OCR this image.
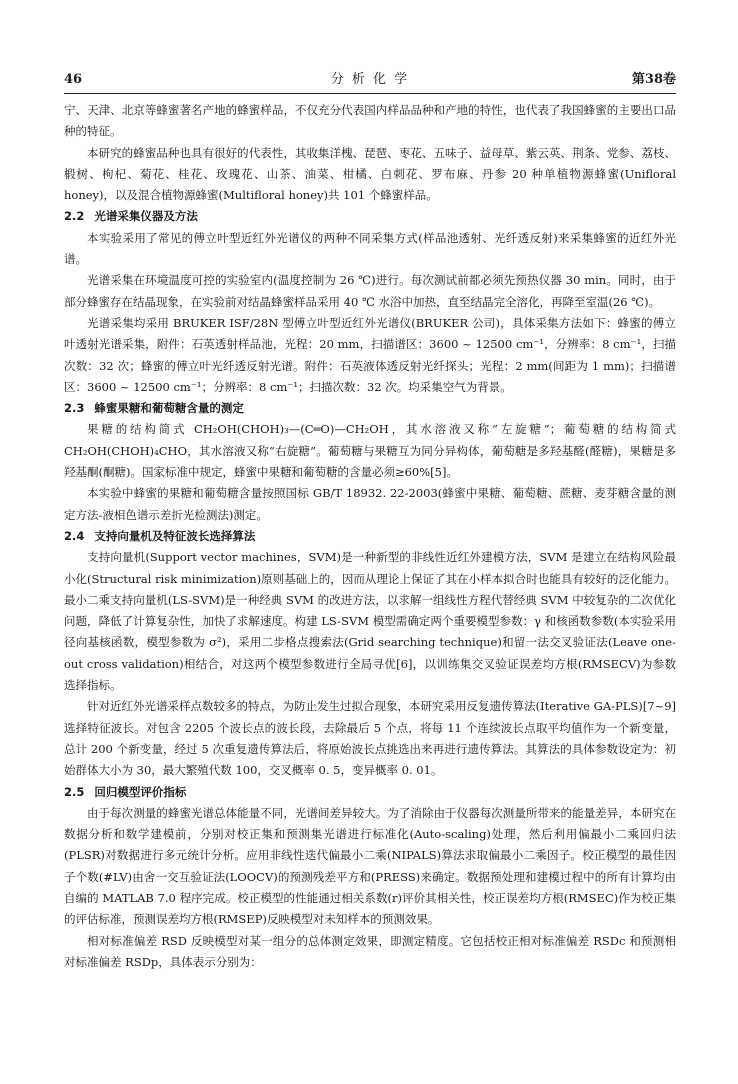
46	分 析 化 学	第38卷

宁、天津、北京等蜂蜜著名产地的蜂蜜样品，不仅充分代表国内样品品种和产地的特性，也代表了我国蜂蜜的主要出口品种的特征。

本研究的蜂蜜品种也具有很好的代表性，其收集洋槐、琵琶、枣花、五味子、益母草、紫云英、荆条、党参、荔枝、椴树、枸杞、菊花、桂花、玫瑰花、山茶、油菜、柑橘、白刺花、罗布麻、丹参 20 种单植物源蜂蜜(Unifloral honey)，以及混合植物源蜂蜜(Multifloral honey)共 101 个蜂蜜样品。

2.2 光谱采集仪器及方法

本实验采用了常见的傅立叶型近红外光谱仪的两种不同采集方式(样品池透射、光纤透反射)来采集蜂蜜的近红外光谱。

光谱采集在环境温度可控的实验室内(温度控制为 26 ℃)进行。每次测试前都必须先预热仪器 30 min。同时，由于部分蜂蜜存在结晶现象，在实验前对结晶蜂蜜样品采用 40 ℃ 水浴中加热，直至结晶完全溶化，再降至室温(26 ℃)。

光谱采集均采用 BRUKER ISF/28N 型傅立叶型近红外光谱仪(BRUKER 公司)，具体采集方法如下：蜂蜜的傅立叶透射光谱采集，附件：石英透射样品池，光程：20 mm，扫描谱区：3600 ~ 12500 cm⁻¹，分辨率：8 cm⁻¹，扫描次数：32 次；蜂蜜的傅立叶光纤透反射光谱。附件：石英液体透反射光纤探头；光程：2 mm(间距为 1 mm)；扫描谱区：3600 ~ 12500 cm⁻¹；分辨率：8 cm⁻¹；扫描次数：32 次。均采集空气为背景。

2.3 蜂蜜果糖和葡萄糖含量的测定

果糖的结构简式 CH₂OH(CHOH)₃—(C═O)—CH₂OH，其水溶液又称“左旋糖”；葡萄糖的结构简式 CH₂OH(CHOH)₄CHO，其水溶液又称“右旋糖”。葡萄糖与果糖互为同分异构体，葡萄糖是多羟基醛(醛糖)，果糖是多羟基酮(酮糖)。国家标准中规定，蜂蜜中果糖和葡萄糖的含量必须≥60%[5]。

本实验中蜂蜜的果糖和葡萄糖含量按照国标 GB/T 18932. 22-2003(蜂蜜中果糖、葡萄糖、蔗糖、麦芽糖含量的测定方法-液相色谱示差折光检测法)测定。

2.4 支持向量机及特征波长选择算法

支持向量机(Support vector machines，SVM)是一种新型的非线性近红外建模方法，SVM 是建立在结构风险最小化(Structural risk minimization)原则基础上的，因而从理论上保证了其在小样本拟合时也能具有较好的泛化能力。最小二乘支持向量机(LS-SVM)是一种经典 SVM 的改进方法，以求解一组线性方程代替经典 SVM 中较复杂的二次优化问题，降低了计算复杂性，加快了求解速度。构建 LS-SVM 模型需确定两个重要模型参数：γ 和核函数参数(本实验采用径向基核函数，模型参数为 σ²)，采用二步格点搜索法(Grid searching technique)和留一法交叉验证法(Leave one-out cross validation)相结合，对这两个模型参数进行全局寻优[6]，以训练集交叉验证误差均方根(RMSECV)为参数选择指标。

针对近红外光谱采样点数较多的特点，为防止发生过拟合现象，本研究采用反复遗传算法(Iterative GA-PLS)[7~9]选择特征波长。对包含 2205 个波长点的波长段，去除最后 5 个点，将每 11 个连续波长点取平均值作为一个新变量，总计 200 个新变量，经过 5 次重复遗传算法后，将原始波长点挑选出来再进行遗传算法。其算法的具体参数设定为：初始群体大小为 30，最大繁殖代数 100，交叉概率 0. 5，变异概率 0. 01。

2.5 回归模型评价指标

由于每次测量的蜂蜜光谱总体能量不同，光谱间差异较大。为了消除由于仪器每次测量所带来的能量差异，本研究在数据分析和数学建模前，分别对校正集和预测集光谱进行标准化(Auto-scaling)处理，然后利用偏最小二乘回归法(PLSR)对数据进行多元统计分析。应用非线性迭代偏最小二乘(NIPALS)算法求取偏最小二乘因子。校正模型的最佳因子个数(#LV)由舍一交互验证法(LOOCV)的预测残差平方和(PRESS)来确定。数据预处理和建模过程中的所有计算均由自编的 MATLAB 7.0 程序完成。校正模型的性能通过相关系数(r)评价其相关性，校正误差均方根(RMSEC)作为校正集的评估标准，预测误差均方根(RMSEP)反映模型对未知样本的预测效果。

相对标准偏差 RSD 反映模型对某一组分的总体测定效果，即测定精度。它包括校正相对标准偏差 RSDc 和预测相对标准偏差 RSDp，具体表示分别为：
